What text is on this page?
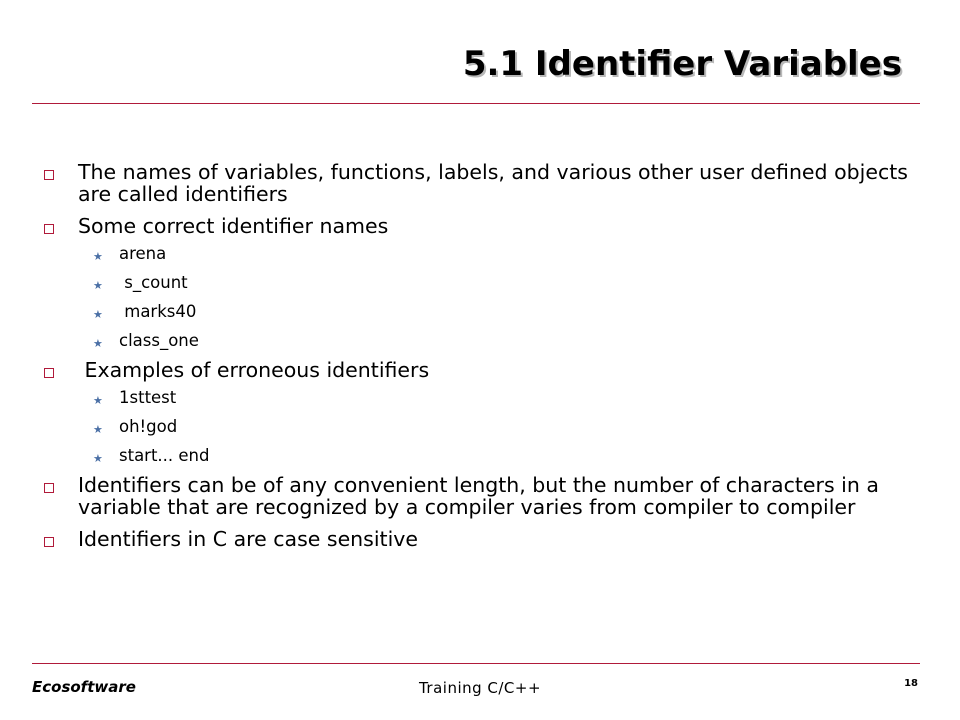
5.1 Identifier Variables
The names of variables, functions, labels, and various other user defined objects are called identifiers
Some correct identifier names
★ arena
★ s_count
★ marks40
★ class_one
Examples of erroneous identifiers
★ 1sttest
★ oh!god
★ start... end
Identifiers can be of any convenient length, but the number of characters in a variable that are recognized by a compiler varies from compiler to compiler
Identifiers in C are case sensitive
Ecosoftware	Training C/C++	18
